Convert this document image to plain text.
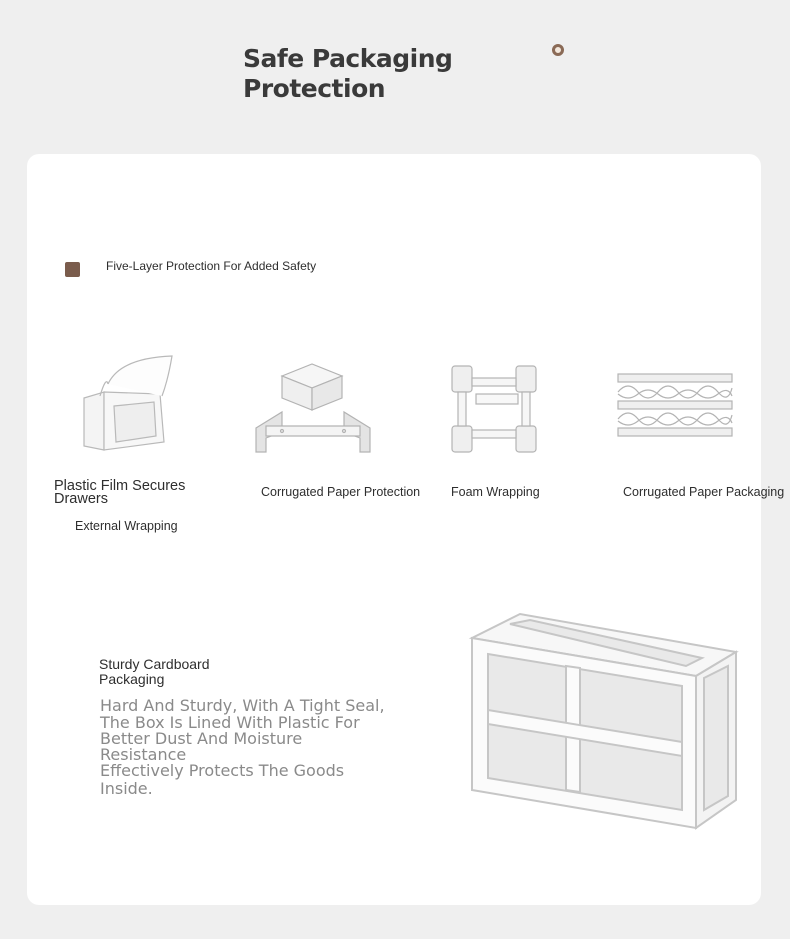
Safe Packaging
Protection
Five-Layer Protection For Added Safety
Plastic Film Secures
Drawers
External Wrapping
Corrugated Paper Protection Foam Wrapping	Corrugated Paper Packaging
Sturdy Cardboard
Packaging
Hard And Sturdy, With A Tight Seal,
The Box Is Lined With Plastic For
Better Dust And Moisture
Resistance
Effectively Protects The Goods
Inside.
